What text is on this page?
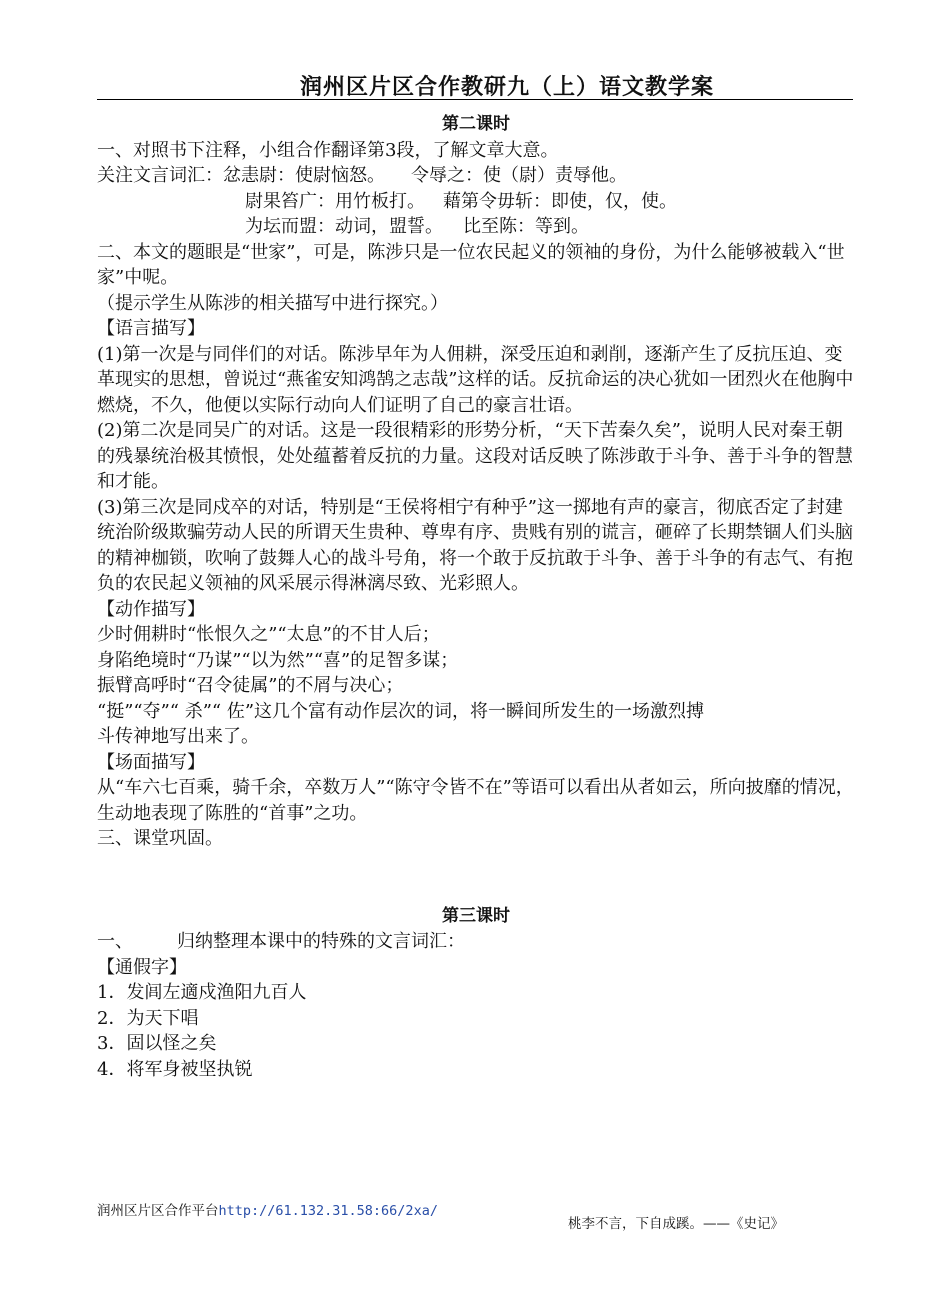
润州区片区合作教研九（上）语文教学案

第二课时

一、对照书下注释，小组合作翻译第3段，了解文章大意。

关注文言词汇：忿恚尉：使尉恼怒。 令辱之：使（尉）责辱他。

尉果笞广：用竹板打。 藉第令毋斩：即使，仅，使。

为坛而盟：动词，盟誓。 比至陈：等到。

二、本文的题眼是“世家”，可是，陈涉只是一位农民起义的领袖的身份，为什么能够被载入“世家”中呢。

（提示学生从陈涉的相关描写中进行探究。）

【语言描写】

(1)第一次是与同伴们的对话。陈涉早年为人佣耕，深受压迫和剥削，逐渐产生了反抗压迫、变革现实的思想，曾说过“燕雀安知鸿鹄之志哉”这样的话。反抗命运的决心犹如一团烈火在他胸中燃烧，不久，他便以实际行动向人们证明了自己的豪言壮语。

(2)第二次是同吴广的对话。这是一段很精彩的形势分析，“天下苦秦久矣”，说明人民对秦王朝的残暴统治极其愤恨，处处蕴蓄着反抗的力量。这段对话反映了陈涉敢于斗争、善于斗争的智慧和才能。

(3)第三次是同戍卒的对话，特别是“王侯将相宁有种乎”这一掷地有声的豪言，彻底否定了封建统治阶级欺骗劳动人民的所谓天生贵种、尊卑有序、贵贱有别的谎言，砸碎了长期禁锢人们头脑的精神枷锁，吹响了鼓舞人心的战斗号角，将一个敢于反抗敢于斗争、善于斗争的有志气、有抱负的农民起义领袖的风采展示得淋漓尽致、光彩照人。

【动作描写】

少时佣耕时“怅恨久之”“太息”的不甘人后；

身陷绝境时“乃谋”“以为然”“喜”的足智多谋；

振臂高呼时“召令徒属”的不屑与决心；

“挺”“夺”“ 杀”“ 佐”这几个富有动作层次的词，将一瞬间所发生的一场激烈搏

斗传神地写出来了。

【场面描写】

从“车六七百乘，骑千余，卒数万人”“陈守令皆不在”等语可以看出从者如云，所向披靡的情况，生动地表现了陈胜的“首事”之功。

三、课堂巩固。

第三课时

一、 归纳整理本课中的特殊的文言词汇：

【通假字】

1．发闾左適戍渔阳九百人

2．为天下唱

3．固以怪之矣

4．将军身被坚执锐

润州区片区合作平台http://61.132.31.58:66/2xa/
桃李不言，下自成蹊。——《史记》
